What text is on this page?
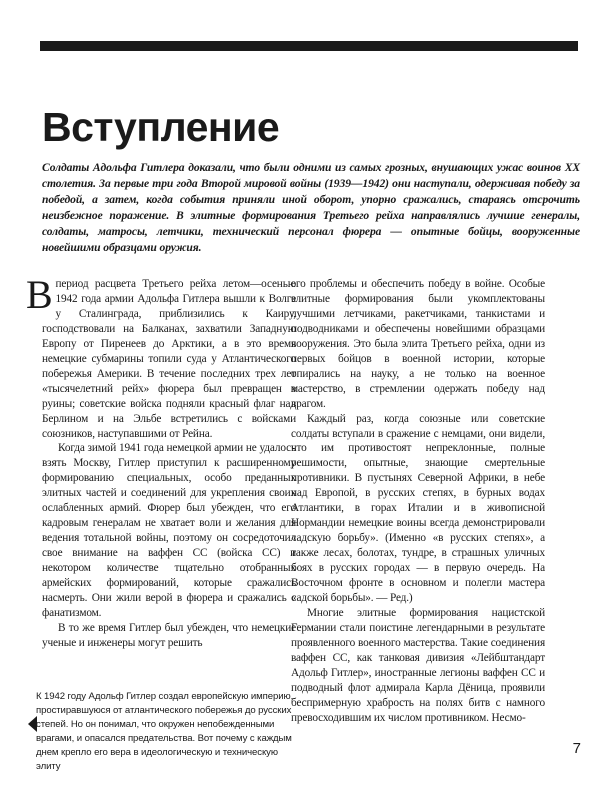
Вступление

Солдаты Адольфа Гитлера доказали, что были одними из самых грозных, внушающих ужас воинов XX столетия. За первые три года Второй мировой войны (1939—1942) они наступали, одерживая победу за победой, а затем, когда события приняли иной оборот, упорно сражались, стараясь отсрочить неизбежное поражение. В элитные формирования Третьего рейха направлялись лучшие генералы, солдаты, матросы, летчики, технический персонал фюрера — опытные бойцы, вооруженные новейшими образцами оружия.

Впериод расцвета Третьего рейха летом—осенью 1942 года армии Адольфа Гитлера вышли к Волге у Сталинграда, приблизились к Каиру, господствовали на Балканах, захватили Западную Европу от Пиренеев до Арктики, а в это время немецкие субмарины топили суда у Атлантического побережья Америки. В течение последних трех лет «тысячелетний рейх» фюрера был превращен в руины; советские войска подняли красный флаг над Берлином и на Эльбе встретились с войсками союзников, наступавшими от Рейна.

Когда зимой 1941 года немецкой армии не удалось взять Москву, Гитлер приступил к расширенному формированию специальных, особо преданных элитных частей и соединений для укрепления своих ослабленных армий. Фюрер был убежден, что его кадровым генералам не хватает воли и желания для ведения тотальной войны, поэтому он сосредоточил свое внимание на ваффен СС (войска СС) и некотором количестве тщательно отобранных армейских формирований, которые сражались насмерть. Они жили верой в фюрера и сражались с фанатизмом.

В то же время Гитлер был убежден, что немецкие ученые и инженеры могут решить

его проблемы и обеспечить победу в войне. Особые элитные формирования были укомплектованы лучшими летчиками, ракетчиками, танкистами и подводниками и обеспечены новейшими образцами вооружения. Это была элита Третьего рейха, одни из первых бойцов в военной истории, которые опирались на науку, а не только на военное мастерство, в стремлении одержать победу над врагом.

Каждый раз, когда союзные или советские солдаты вступали в сражение с немцами, они видели, что им противостоят непреклонные, полные решимости, опытные, знающие смертельные противники. В пустынях Северной Африки, в небе над Европой, в русских степях, в бурных водах Атлантики, в горах Италии и в живописной Нормандии немецкие воины всегда демонстрировали «адскую борьбу». (Именно «в русских степях», а также лесах, болотах, тундре, в страшных уличных боях в русских городах — в первую очередь. На Восточном фронте в основном и полегли мастера «адской борьбы». — Ред.)

Многие элитные формирования нацистской Германии стали поистине легендарными в результате проявленного военного мастерства. Такие соединения ваффен СС, как танковая дивизия «Лейбштандарт Адольф Гитлер», иностранные легионы ваффен СС и подводный флот адмирала Карла Дёница, проявили беспримерную храбрость на полях битв с намного превосходившим их числом противником. Несмо-

К 1942 году Адольф Гитлер создал европейскую империю, простиравшуюся от атлантического побережья до русских степей. Но он понимал, что окружен непобежденными врагами, и опасался предательства. Вот почему с каждым днем крепло его вера в идеологическую и техническую элиту

7
